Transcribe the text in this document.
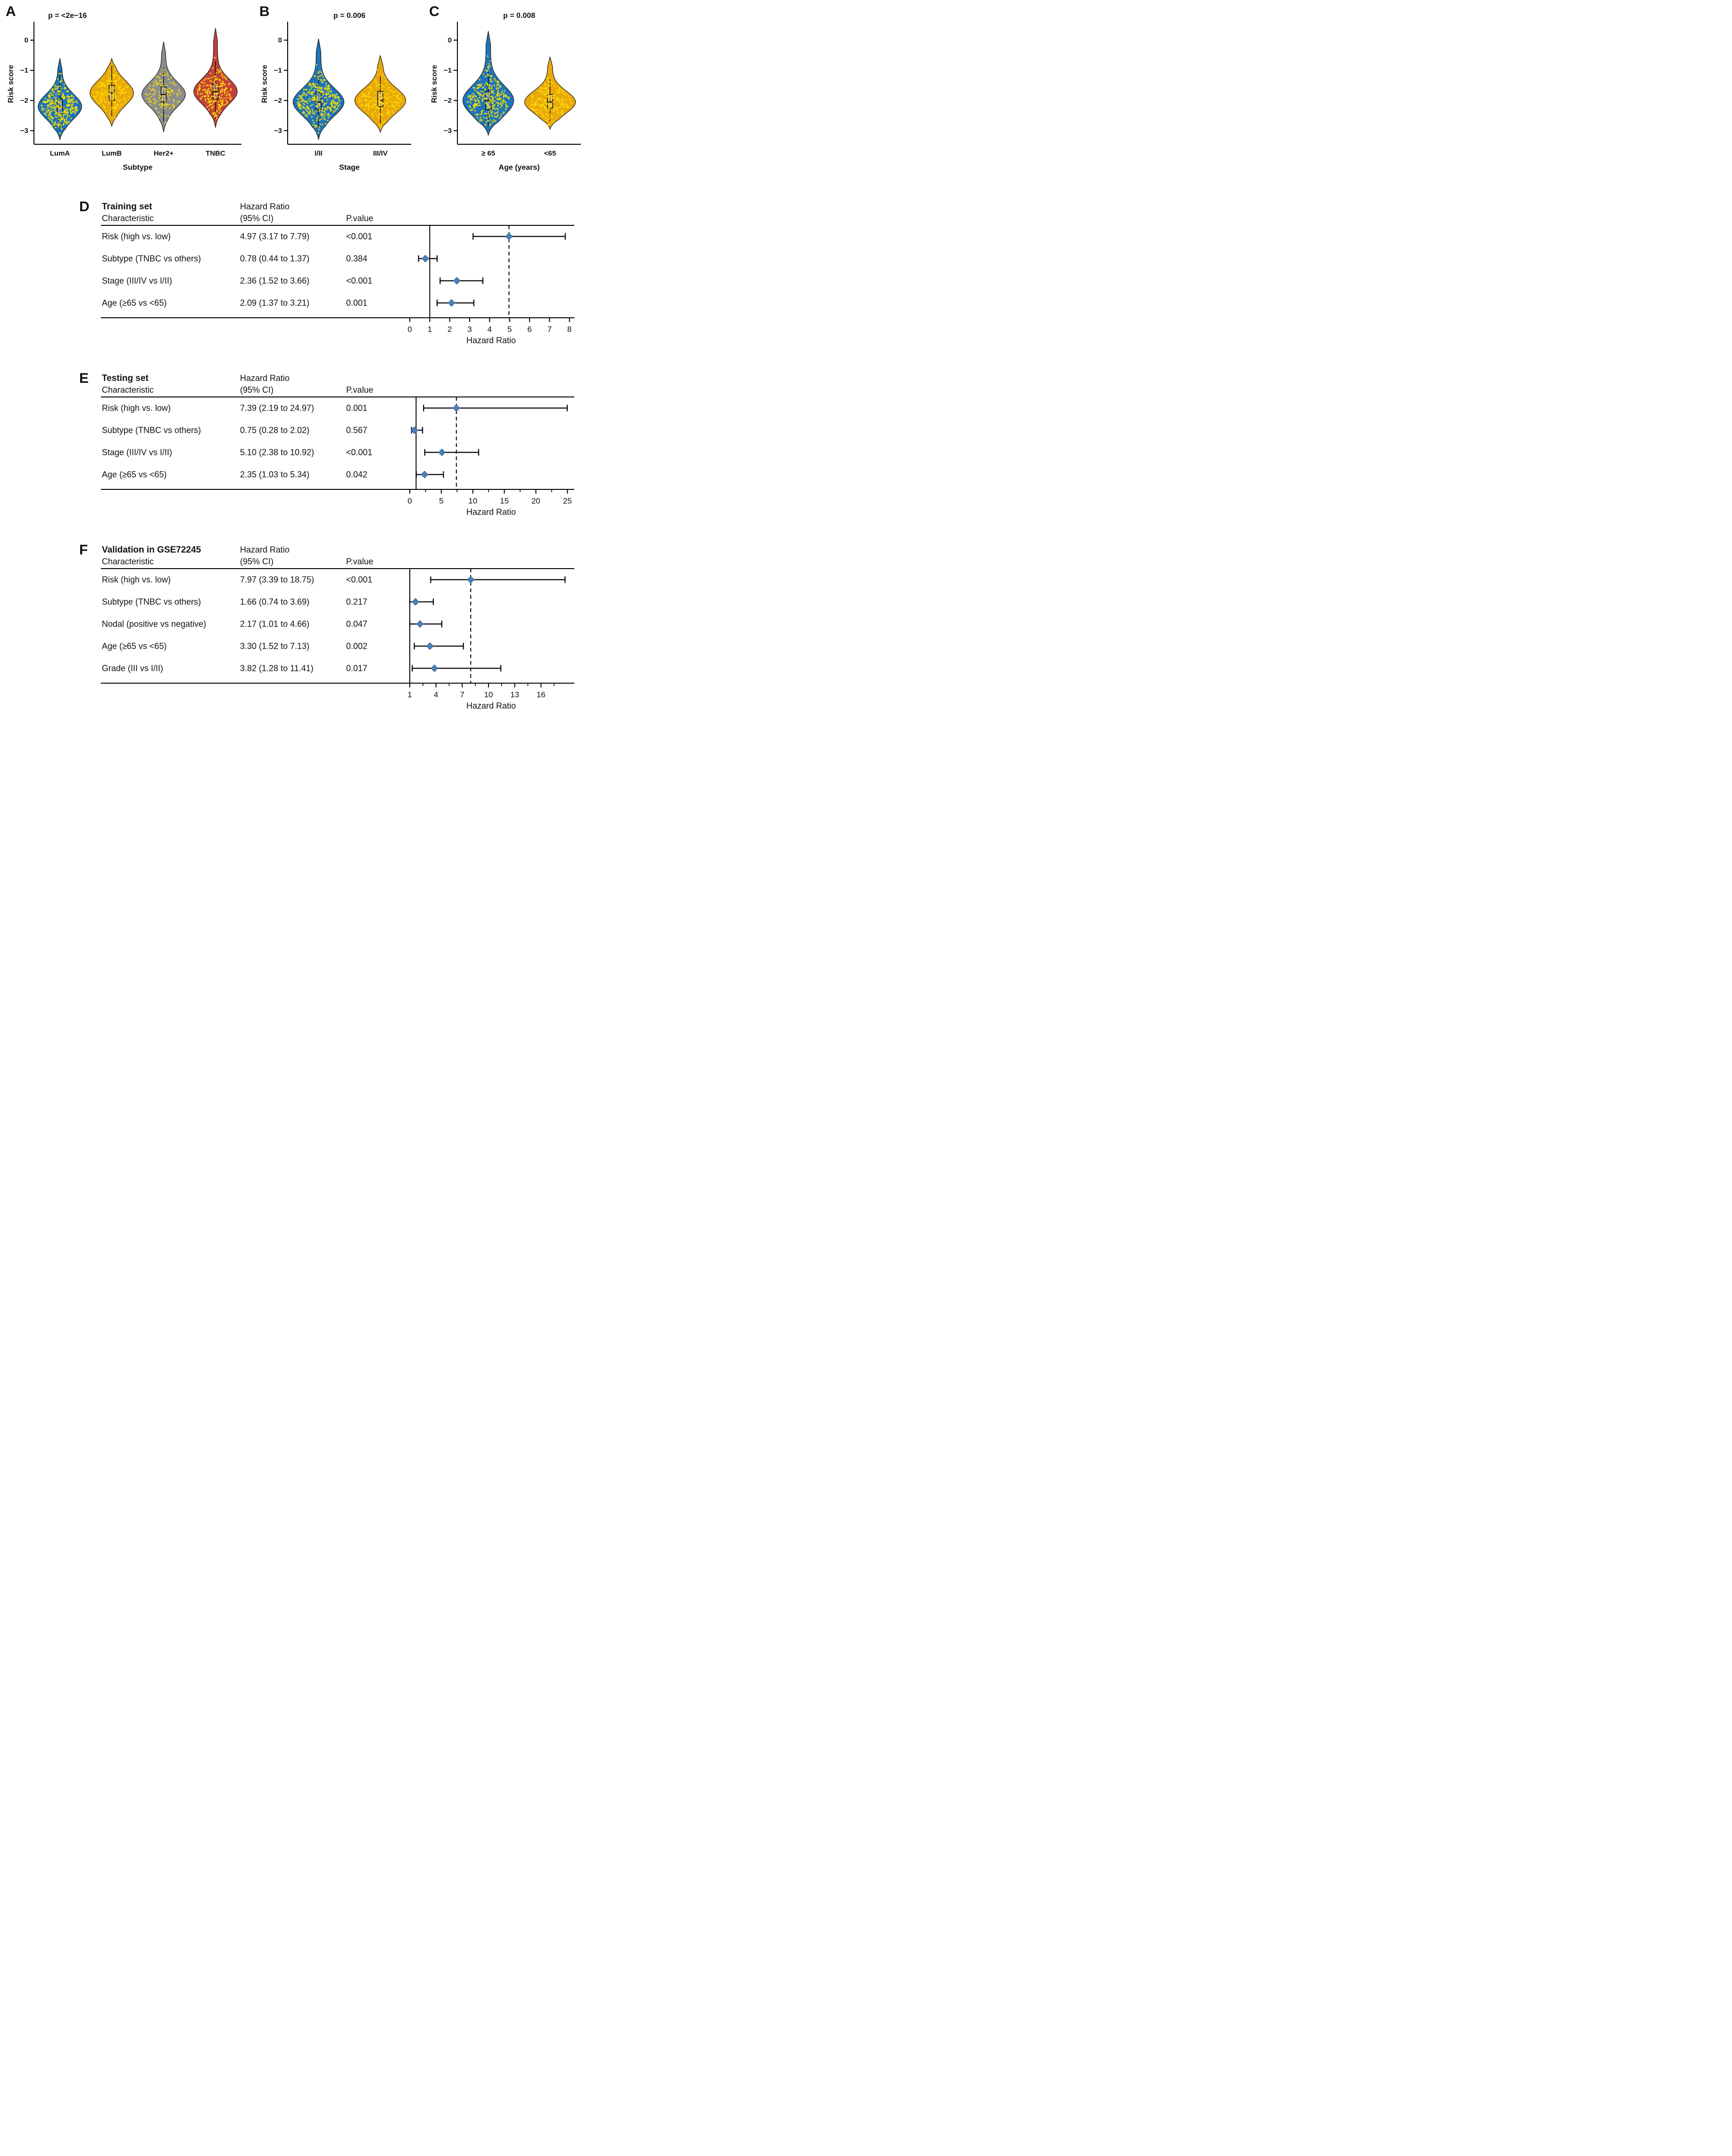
A
0
−1
−2
−3
Risk score
p = <2e−16
LumA	LumB	Her2+	TNBC
Subtype
B
0
−1
−2
−3
Risk score
p = 0.006
I/II	III/IV
Stage
C
0
−1
−2
−3
Risk score
p = 0.008
≥ 65	<65
Age (years)
D	Training set	Hazard Ratio
Characteristic	(95% CI)	P.value
Risk (high vs. low)	4.97 (3.17 to 7.79)	<0.001
Subtype (TNBC vs others)	0.78 (0.44 to 1.37)	0.384
Stage (III/IV vs I/II)	2.36 (1.52 to 3.66)	<0.001
Age (≥65 vs <65)	2.09 (1.37 to 3.21)	0.001
0 1 2 3 4 5 6 7 8
Hazard Ratio
E	Testing set	Hazard Ratio
Characteristic	(95% CI)	P.value
Risk (high vs. low)	7.39 (2.19 to 24.97)	0.001
Subtype (TNBC vs others)	0.75 (0.28 to 2.02)	0.567
Stage (III/IV vs I/II)	5.10 (2.38 to 10.92)	<0.001
Age (≥65 vs <65)	2.35 (1.03 to 5.34)	0.042
0	5	10	15	20	25
Hazard Ratio
F	Validation in GSE72245	Hazard Ratio
Characteristic	(95% CI)	P.value
Risk (high vs. low)	7.97 (3.39 to 18.75)	<0.001
Subtype (TNBC vs others)	1.66 (0.74 to 3.69)	0.217
Nodal (positive vs negative)	2.17 (1.01 to 4.66)	0.047
Age (≥65 vs <65)	3.30 (1.52 to 7.13)	0.002
Grade (III vs I/II)	3.82 (1.28 to 11.41)	0.017
1	4	7 10 13 16
Hazard Ratio
